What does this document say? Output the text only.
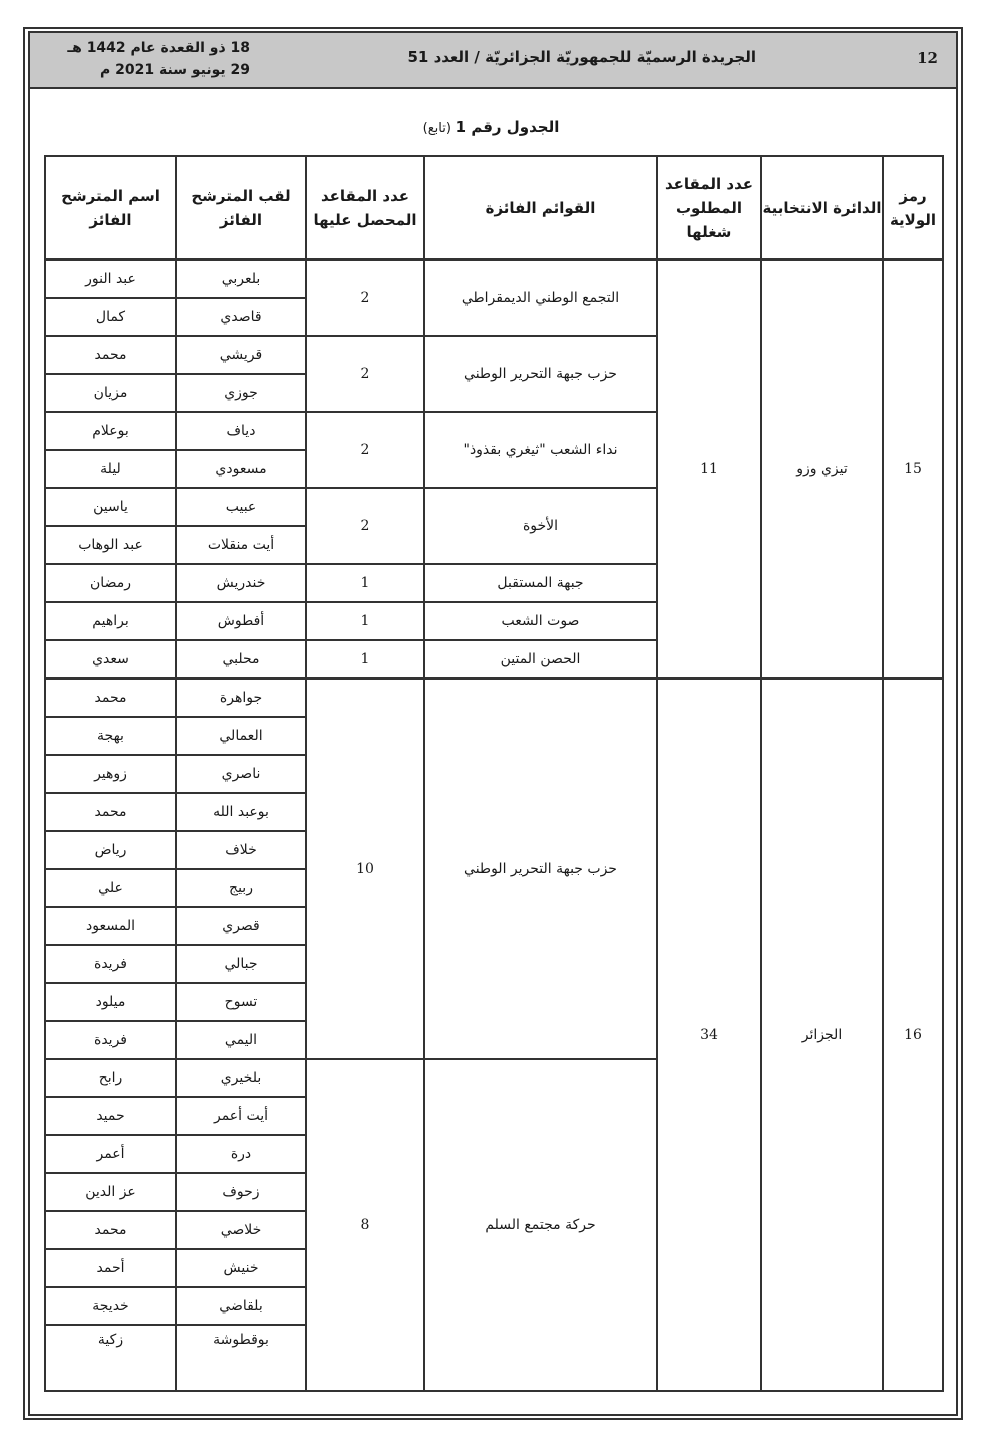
12
الجريدة الرسميّة للجمهوريّة الجزائريّة / العدد 51
18 ذو القعدة عام 1442 هـ
29 يونيو سنة 2021 م
الجدول رقم 1 (تابع)
رمز الولاية	الدائرة الانتخابية	عدد المقاعد المطلوب شغلها	القوائم الفائزة	عدد المقاعد المحصل عليها	لقب المترشح الفائز	اسم المترشح الفائز
15	تيزي وزو	11	التجمع الوطني الديمقراطي	2	بلعربي	عبد النور
					قاصدي	كمال
			حزب جبهة التحرير الوطني	2	قريشي	محمد
					جوزي	مزيان
			نداء الشعب "ثيغري بقذوذ"	2	دياف	بوعلام
					مسعودي	ليلة
			الأخوة	2	عبيب	ياسين
					أيت منقلات	عبد الوهاب
			جبهة المستقبل	1	خندريش	رمضان
			صوت الشعب	1	أفطوش	براهيم
			الحصن المتين	1	محلبي	سعدي
16	الجزائر	34	حزب جبهة التحرير الوطني	10	جواهرة	محمد
					العمالي	بهجة
					ناصري	زوهير
					بوعبد الله	محمد
					خلاف	رياض
					ربيج	علي
					قصري	المسعود
					جبالي	فريدة
					تسوح	ميلود
					اليمي	فريدة
			حركة مجتمع السلم	8	بلخيري	رابح
					أيت أعمر	حميد
					درة	أعمر
					زحوف	عز الدين
					خلاصي	محمد
					خنيش	أحمد
					بلقاضي	خديجة
					بوقطوشة	زكية
